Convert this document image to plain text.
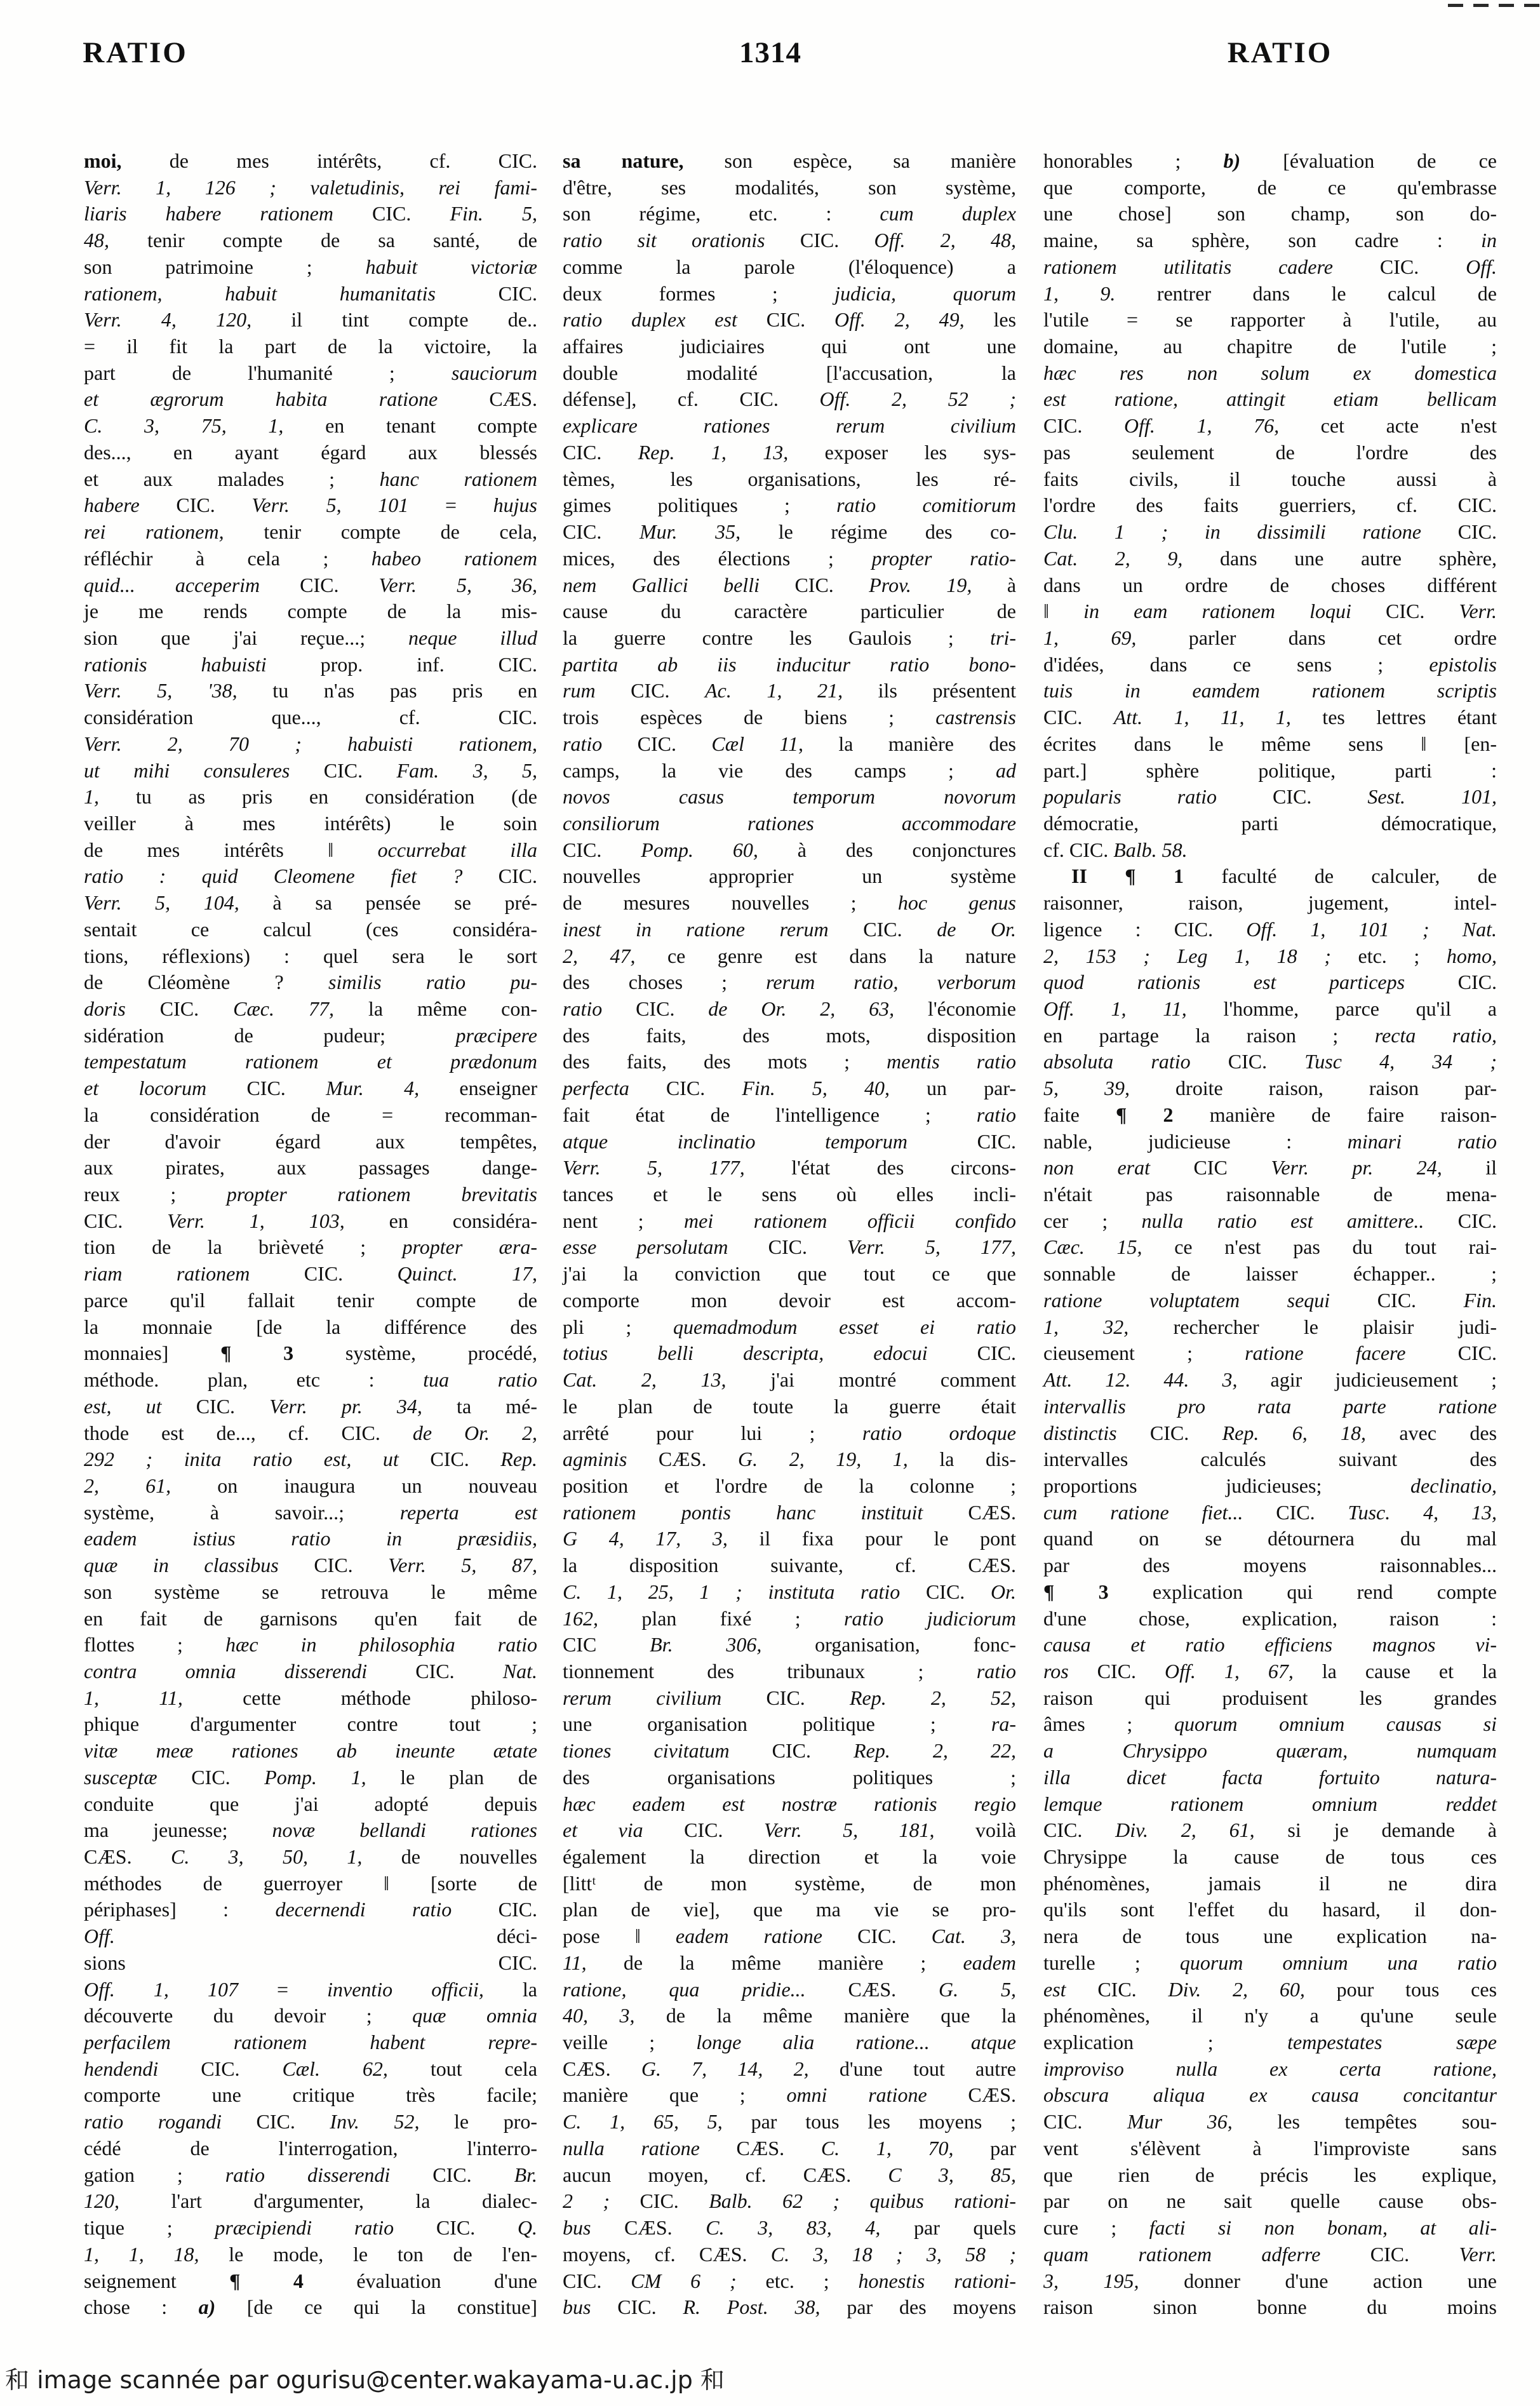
RATIO	1314	RATIO
moi, de mes intérêts, cf. CIC.
Verr. 1, 126 ; valetudinis, rei fami-
liaris habere rationem CIC. Fin. 5,
48, tenir compte de sa santé, de
son patrimoine ; habuit victoriæ
rationem, habuit humanitatis CIC.
Verr. 4, 120, il tint compte de..
= il fit la part de la victoire, la
part de l'humanité ; sauciorum
et ægrorum habita ratione CÆS.
C. 3, 75, 1, en tenant compte
des..., en ayant égard aux blessés
et aux malades ; hanc rationem
habere CIC. Verr. 5, 101 = hujus
rei rationem, tenir compte de cela,
réfléchir à cela ; habeo rationem
quid... acceperim CIC. Verr. 5, 36,
je me rends compte de la mis-
sion que j'ai reçue...; neque illud
rationis habuisti prop. inf. CIC.
Verr. 5, '38, tu n'as pas pris en
considération que..., cf. CIC.
Verr. 2, 70 ; habuisti rationem,
ut mihi consuleres CIC. Fam. 3, 5,
1, tu as pris en considération (de
veiller à mes intérêts) le soin
de mes intérêts ‖ occurrebat illa
ratio : quid Cleomene fiet ? CIC.
Verr. 5, 104, à sa pensée se pré-
sentait ce calcul (ces considéra-
tions, réflexions) : quel sera le sort
de Cléomène ? similis ratio pu-
doris CIC. Cæc. 77, la même con-
sidération de pudeur; præcipere
tempestatum rationem et prædonum
et locorum CIC. Mur. 4, enseigner
la considération de = recomman-
der d'avoir égard aux tempêtes,
aux pirates, aux passages dange-
reux ; propter rationem brevitatis
CIC. Verr. 1, 103, en considéra-
tion de la brièveté ; propter æra-
riam rationem CIC. Quinct. 17,
parce qu'il fallait tenir compte de
la monnaie [de la différence des
monnaies] ¶ 3 système, procédé,
méthode. plan, etc : tua ratio
est, ut CIC. Verr. pr. 34, ta mé-
thode est de..., cf. CIC. de Or. 2,
292 ; inita ratio est, ut CIC. Rep.
2, 61, on inaugura un nouveau
système, à savoir...; reperta est
eadem istius ratio in præsidiis,
quæ in classibus CIC. Verr. 5, 87,
son système se retrouva le même
en fait de garnisons qu'en fait de
flottes ; hæc in philosophia ratio
contra omnia disserendi CIC. Nat.
1, 11, cette méthode philoso-
phique d'argumenter contre tout ;
vitæ meæ rationes ab ineunte ætate
susceptæ CIC. Pomp. 1, le plan de
conduite que j'ai adopté depuis
ma jeunesse; novæ bellandi rationes
CÆS. C. 3, 50, 1, de nouvelles
méthodes de guerroyer ‖ [sorte de
périphases] : decernendi ratio CIC.
Off. déci-
sions CIC.
Off. 1, 107 = inventio officii, la
découverte du devoir ; quæ omnia
perfacilem rationem habent repre-
hendendi CIC. Cæl. 62, tout cela
comporte une critique très facile;
ratio rogandi CIC. Inv. 52, le pro-
cédé de l'interrogation, l'interro-
gation ; ratio disserendi CIC. Br.
120, l'art d'argumenter, la dialec-
tique ; præcipiendi ratio CIC. Q.
1, 1, 18, le mode, le ton de l'en-
seignement ¶ 4 évaluation d'une
chose : a) [de ce qui la constitue]
sa nature, son espèce, sa manière
d'être, ses modalités, son système,
son régime, etc. : cum duplex
ratio sit orationis CIC. Off. 2, 48,
comme la parole (l'éloquence) a
deux formes ; judicia, quorum
ratio duplex est CIC. Off. 2, 49, les
affaires judiciaires qui ont une
double modalité [l'accusation, la
défense], cf. CIC. Off. 2, 52 ;
explicare rationes rerum civilium
CIC. Rep. 1, 13, exposer les sys-
tèmes, les organisations, les ré-
gimes politiques ; ratio comitiorum
CIC. Mur. 35, le régime des co-
mices, des élections ; propter ratio-
nem Gallici belli CIC. Prov. 19, à
cause du caractère particulier de
la guerre contre les Gaulois ; tri-
partita ab iis inducitur ratio bono-
rum CIC. Ac. 1, 21, ils présentent
trois espèces de biens ; castrensis
ratio CIC. Cæl 11, la manière des
camps, la vie des camps ; ad
novos casus temporum novorum
consiliorum rationes accommodare
CIC. Pomp. 60, à des conjonctures
nouvelles approprier un système
de mesures nouvelles ; hoc genus
inest in ratione rerum CIC. de Or.
2, 47, ce genre est dans la nature
des choses ; rerum ratio, verborum
ratio CIC. de Or. 2, 63, l'économie
des faits, des mots, disposition
des faits, des mots ; mentis ratio
perfecta CIC. Fin. 5, 40, un par-
fait état de l'intelligence ; ratio
atque inclinatio temporum CIC.
Verr. 5, 177, l'état des circons-
tances et le sens où elles incli-
nent ; mei rationem officii confido
esse persolutam CIC. Verr. 5, 177,
j'ai la conviction que tout ce que
comporte mon devoir est accom-
pli ; quemadmodum esset ei ratio
totius belli descripta, edocui CIC.
Cat. 2, 13, j'ai montré comment
le plan de toute la guerre était
arrêté pour lui ; ratio ordoque
agminis CÆS. G. 2, 19, 1, la dis-
position et l'ordre de la colonne ;
rationem pontis hanc instituit CÆS.
G 4, 17, 3, il fixa pour le pont
la disposition suivante, cf. CÆS.
C. 1, 25, 1 ; instituta ratio CIC. Or.
162, plan fixé ; ratio judiciorum
CIC Br. 306, organisation, fonc-
tionnement des tribunaux ; ratio
rerum civilium CIC. Rep. 2, 52,
une organisation politique ; ra-
tiones civitatum CIC. Rep. 2, 22,
des organisations politiques ;
hæc eadem est nostræ rationis regio
et via CIC. Verr. 5, 181, voilà
également la direction et la voie
[littᵗ de mon système, de mon
plan de vie], que ma vie se pro-
pose ‖ eadem ratione CIC. Cat. 3,
11, de la même manière ; eadem
ratione, qua pridie... CÆS. G. 5,
40, 3, de la même manière que la
veille ; longe alia ratione... atque
CÆS. G. 7, 14, 2, d'une tout autre
manière que ; omni ratione CÆS.
C. 1, 65, 5, par tous les moyens ;
nulla ratione CÆS. C. 1, 70, par
aucun moyen, cf. CÆS. C 3, 85,
2 ; CIC. Balb. 62 ; quibus rationi-
bus CÆS. C. 3, 83, 4, par quels
moyens, cf. CÆS. C. 3, 18 ; 3, 58 ;
CIC. CM 6 ; etc. ; honestis rationi-
bus CIC. R. Post. 38, par des moyens
honorables ; b) [évaluation de ce
que comporte, de ce qu'embrasse
une chose] son champ, son do-
maine, sa sphère, son cadre : in
rationem utilitatis cadere CIC. Off.
1, 9. rentrer dans le calcul de
l'utile = se rapporter à l'utile, au
domaine, au chapitre de l'utile ;
hæc res non solum ex domestica
est ratione, attingit etiam bellicam
CIC. Off. 1, 76, cet acte n'est
pas seulement de l'ordre des
faits civils, il touche aussi à
l'ordre des faits guerriers, cf. CIC.
Clu. 1 ; in dissimili ratione CIC.
Cat. 2, 9, dans une autre sphère,
dans un ordre de choses différent
‖ in eam rationem loqui CIC. Verr.
1, 69, parler dans cet ordre
d'idées, dans ce sens ; epistolis
tuis in eamdem rationem scriptis
CIC. Att. 1, 11, 1, tes lettres étant
écrites dans le même sens ‖ [en-
part.] sphère politique, parti :
popularis ratio CIC. Sest. 101,
démocratie, parti démocratique,
cf. CIC. Balb. 58.
II ¶ 1 faculté de calculer, de
raisonner, raison, jugement, intel-
ligence : CIC. Off. 1, 101 ; Nat.
2, 153 ; Leg 1, 18 ; etc. ; homo,
quod rationis est particeps CIC.
Off. 1, 11, l'homme, parce qu'il a
en partage la raison ; recta ratio,
absoluta ratio CIC. Tusc 4, 34 ;
5, 39, droite raison, raison par-
faite ¶ 2 manière de faire raison-
nable, judicieuse : minari ratio
non erat CIC Verr. pr. 24, il
n'était pas raisonnable de mena-
cer ; nulla ratio est amittere.. CIC.
Cæc. 15, ce n'est pas du tout rai-
sonnable de laisser échapper.. ;
ratione voluptatem sequi CIC. Fin.
1, 32, rechercher le plaisir judi-
cieusement ; ratione facere CIC.
Att. 12. 44. 3, agir judicieusement ;
intervallis pro rata parte ratione
distinctis CIC. Rep. 6, 18, avec des
intervalles calculés suivant des
proportions judicieuses; declinatio,
cum ratione fiet... CIC. Tusc. 4, 13,
quand on se détournera du mal
par des moyens raisonnables...
¶ 3 explication qui rend compte
d'une chose, explication, raison :
causa et ratio efficiens magnos vi-
ros CIC. Off. 1, 67, la cause et la
raison qui produisent les grandes
âmes ; quorum omnium causas si
a Chrysippo quæram, numquam
illa dicet facta fortuito natura-
lemque rationem omnium reddet
CIC. Div. 2, 61, si je demande à
Chrysippe la cause de tous ces
phénomènes, jamais il ne dira
qu'ils sont l'effet du hasard, il don-
nera de tous une explication na-
turelle ; quorum omnium una ratio
est CIC. Div. 2, 60, pour tous ces
phénomènes, il n'y a qu'une seule
explication ; tempestates sæpe
improviso nulla ex certa ratione,
obscura aliqua ex causa concitantur
CIC. Mur 36, les tempêtes sou-
vent s'élèvent à l'improviste sans
que rien de précis les explique,
par on ne sait quelle cause obs-
cure ; facti si non bonam, at ali-
quam rationem adferre CIC. Verr.
3, 195, donner d'une action une
raison sinon bonne du moins
和 image scannée par ogurisu@center.wakayama-u.ac.jp 和
